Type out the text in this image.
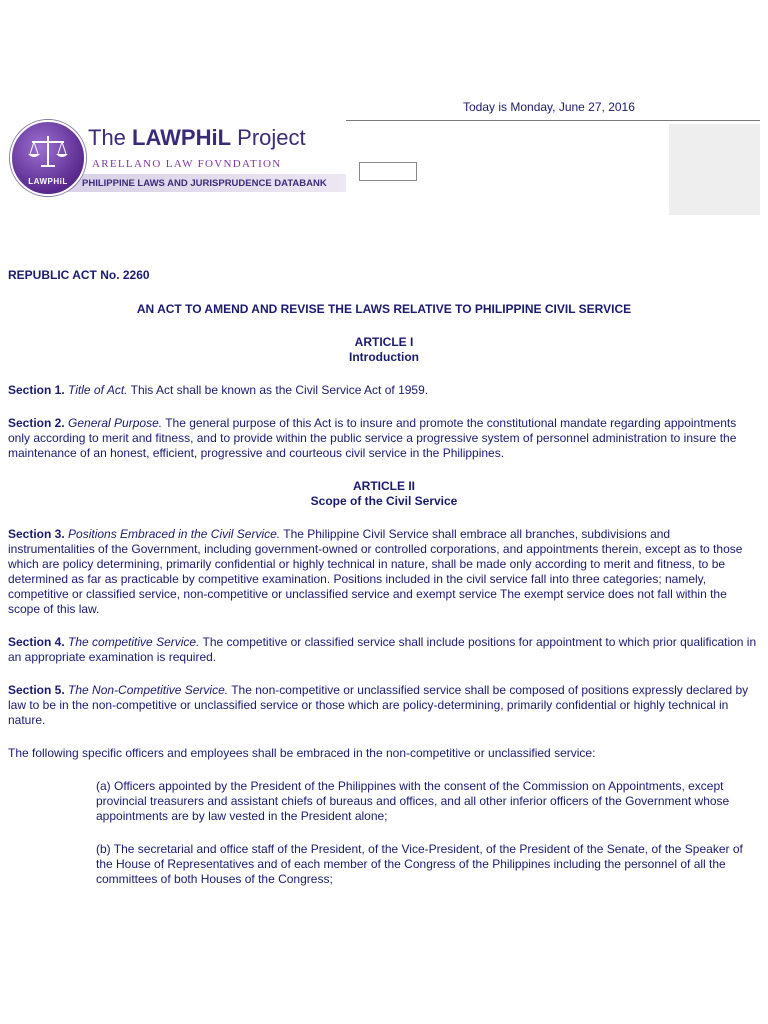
Today is Monday, June 27, 2016
LAWPHiL
The LAWPHiL Project
ARELLANO LAW FOVNDATION
PHILIPPINE LAWS AND JURISPRUDENCE DATABANK

REPUBLIC ACT No. 2260

AN ACT TO AMEND AND REVISE THE LAWS RELATIVE TO PHILIPPINE CIVIL SERVICE

ARTICLE I
Introduction

Section 1. Title of Act. This Act shall be known as the Civil Service Act of 1959.

Section 2. General Purpose. The general purpose of this Act is to insure and promote the constitutional mandate regarding appointments only according to merit and fitness, and to provide within the public service a progressive system of personnel administration to insure the maintenance of an honest, efficient, progressive and courteous civil service in the Philippines.

ARTICLE II
Scope of the Civil Service

Section 3. Positions Embraced in the Civil Service. The Philippine Civil Service shall embrace all branches, subdivisions and instrumentalities of the Government, including government-owned or controlled corporations, and appointments therein, except as to those which are policy determining, primarily confidential or highly technical in nature, shall be made only according to merit and fitness, to be determined as far as practicable by competitive examination. Positions included in the civil service fall into three categories; namely, competitive or classified service, non-competitive or unclassified service and exempt service The exempt service does not fall within the scope of this law.

Section 4. The competitive Service. The competitive or classified service shall include positions for appointment to which prior qualification in an appropriate examination is required.

Section 5. The Non-Competitive Service. The non-competitive or unclassified service shall be composed of positions expressly declared by law to be in the non-competitive or unclassified service or those which are policy-determining, primarily confidential or highly technical in nature.

The following specific officers and employees shall be embraced in the non-competitive or unclassified service:

(a) Officers appointed by the President of the Philippines with the consent of the Commission on Appointments, except provincial treasurers and assistant chiefs of bureaus and offices, and all other inferior officers of the Government whose appointments are by law vested in the President alone;

(b) The secretarial and office staff of the President, of the Vice-President, of the President of the Senate, of the Speaker of the House of Representatives and of each member of the Congress of the Philippines including the personnel of all the committees of both Houses of the Congress;
